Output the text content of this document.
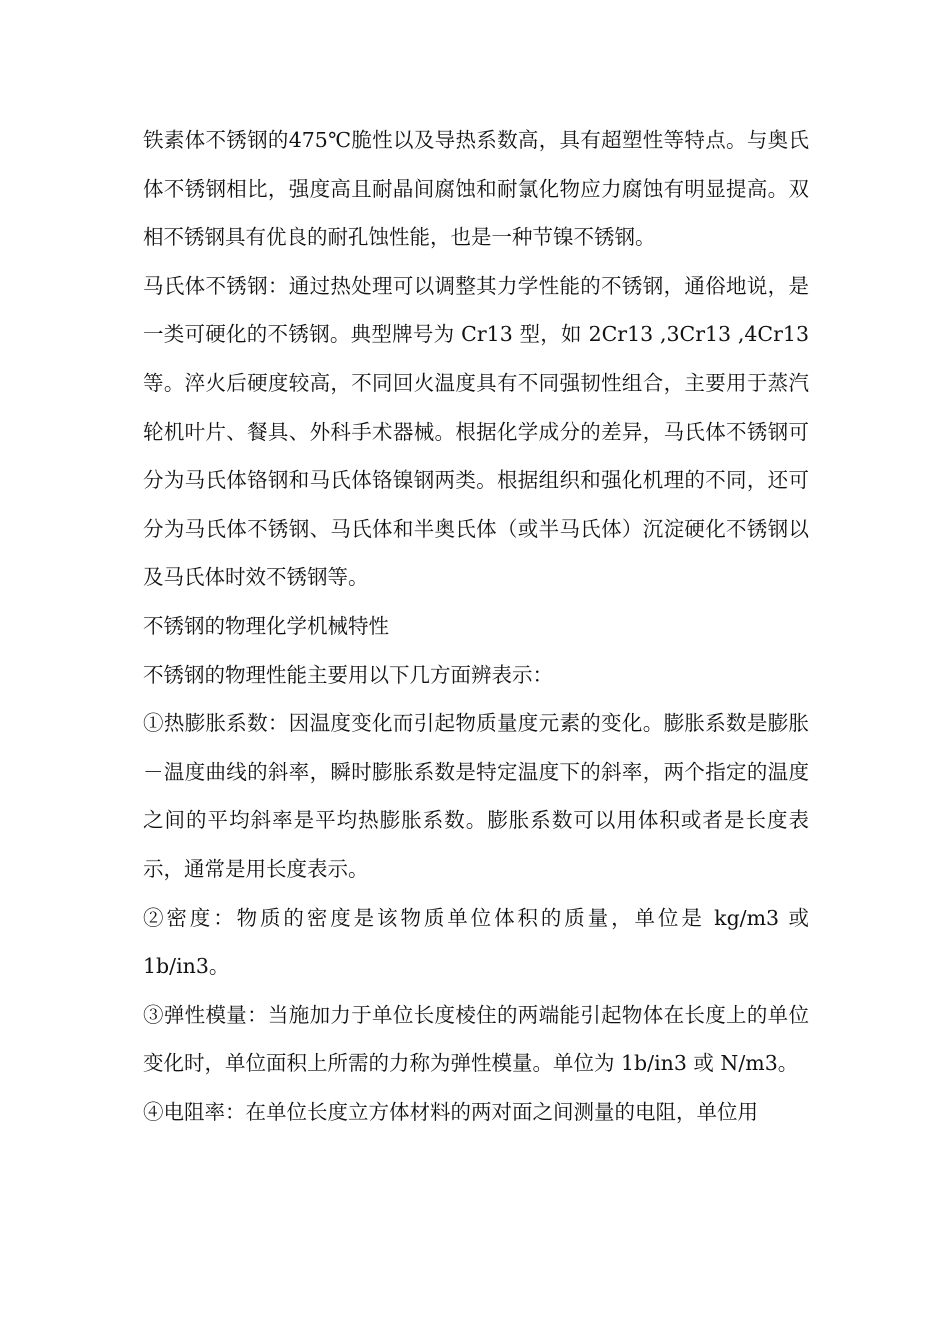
铁素体不锈钢的475℃脆性以及导热系数高，具有超塑性等特点。与奥氏体不锈钢相比，强度高且耐晶间腐蚀和耐氯化物应力腐蚀有明显提高。双相不锈钢具有优良的耐孔蚀性能，也是一种节镍不锈钢。

马氏体不锈钢：通过热处理可以调整其力学性能的不锈钢，通俗地说，是一类可硬化的不锈钢。典型牌号为 Cr13 型，如 2Cr13 ,3Cr13 ,4Cr13 等。淬火后硬度较高，不同回火温度具有不同强韧性组合，主要用于蒸汽轮机叶片、餐具、外科手术器械。根据化学成分的差异，马氏体不锈钢可分为马氏体铬钢和马氏体铬镍钢两类。根据组织和强化机理的不同，还可分为马氏体不锈钢、马氏体和半奥氏体（或半马氏体）沉淀硬化不锈钢以及马氏体时效不锈钢等。

不锈钢的物理化学机械特性

不锈钢的物理性能主要用以下几方面辨表示：

①热膨胀系数：因温度变化而引起物质量度元素的变化。膨胀系数是膨胀－温度曲线的斜率，瞬时膨胀系数是特定温度下的斜率，两个指定的温度之间的平均斜率是平均热膨胀系数。膨胀系数可以用体积或者是长度表示，通常是用长度表示。

②密度：物质的密度是该物质单位体积的质量，单位是 kg/m3 或 1b/in3。

③弹性模量：当施加力于单位长度棱住的两端能引起物体在长度上的单位变化时，单位面积上所需的力称为弹性模量。单位为 1b/in3 或 N/m3。

④电阻率：在单位长度立方体材料的两对面之间测量的电阻，单位用
